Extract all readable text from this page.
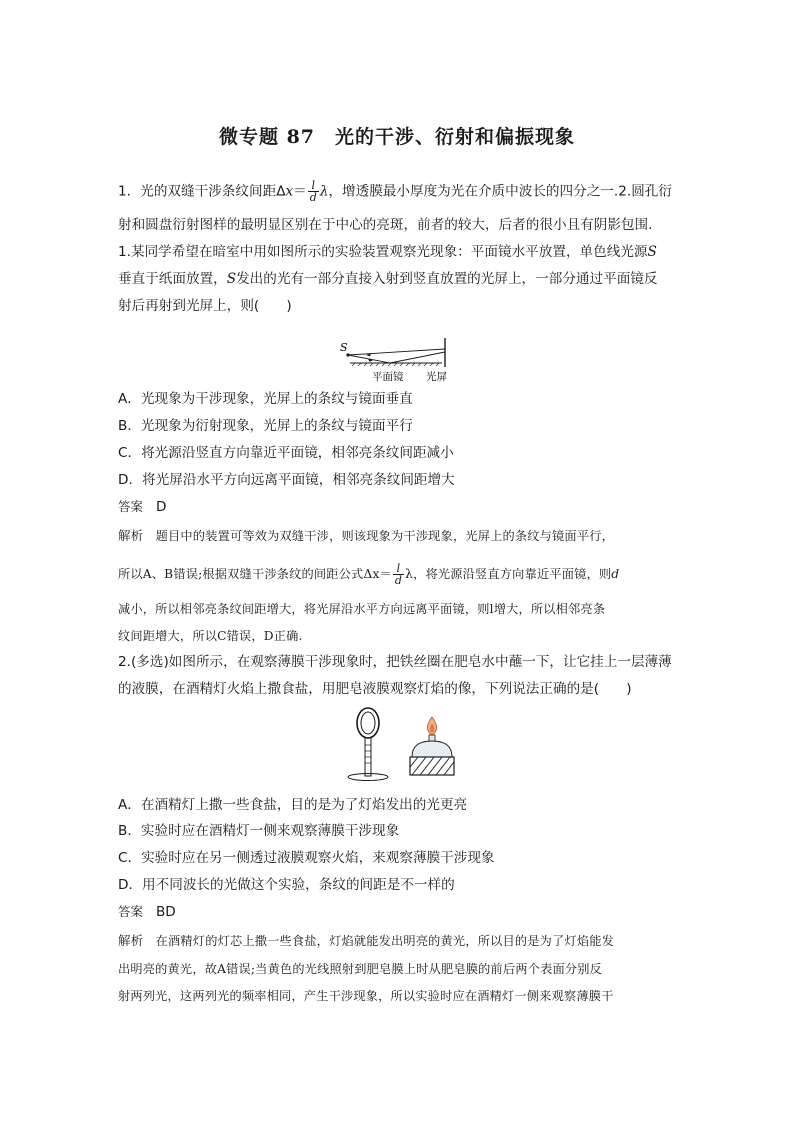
微专题 87　光的干涉、衍射和偏振现象
1．光的双缝干涉条纹间距$\Delta x= \frac{l}{d}$ λ，增透膜最小厚度为光在介质中波长的四分之一.2.圆孔衍
射和圆盘衍射图样的最明显区别在于中心的亮斑，前者的较大，后者的很小且有阴影包围.
1.某同学希望在暗室中用如图所示的实验装置观察光现象：平面镜水平放置，单色线光源S
垂直于纸面放置，S发出的光有一部分直接入射到竖直放置的光屏上，一部分通过平面镜反
射后再射到光屏上，则(　　)
S
平面镜 光屏
A．光现象为干涉现象，光屏上的条纹与镜面垂直
B．光现象为衍射现象，光屏上的条纹与镜面平行
C．将光源沿竖直方向靠近平面镜，相邻亮条纹间距减小
D．将光屏沿水平方向远离平面镜，相邻亮条纹间距增大
答案 D
解析 题目中的装置可等效为双缝干涉，则该现象为干涉现象，光屏上的条纹与镜面平行，
所以A、B错误;根据双缝干涉条纹的间距公式$\Delta x= \frac{l}{d}$ λ，将光源沿竖直方向靠近平面镜，则d
减小，所以相邻亮条纹间距增大，将光屏沿水平方向远离平面镜，则l增大，所以相邻亮条
纹间距增大，所以C错误，D正确.
2.(多选)如图所示，在观察薄膜干涉现象时，把铁丝圈在肥皂水中蘸一下，让它挂上一层薄薄
的液膜，在酒精灯火焰上撒食盐，用肥皂液膜观察灯焰的像，下列说法正确的是(　　)
A．在酒精灯上撒一些食盐，目的是为了灯焰发出的光更亮
B．实验时应在酒精灯一侧来观察薄膜干涉现象
C．实验时应在另一侧透过液膜观察火焰，来观察薄膜干涉现象
D．用不同波长的光做这个实验，条纹的间距是不一样的
答案 BD
解析 在酒精灯的灯芯上撒一些食盐，灯焰就能发出明亮的黄光，所以目的是为了灯焰能发
出明亮的黄光，故A错误;当黄色的光线照射到肥皂膜上时从肥皂膜的前后两个表面分别反
射两列光，这两列光的频率相同，产生干涉现象，所以实验时应在酒精灯一侧来观察薄膜干
